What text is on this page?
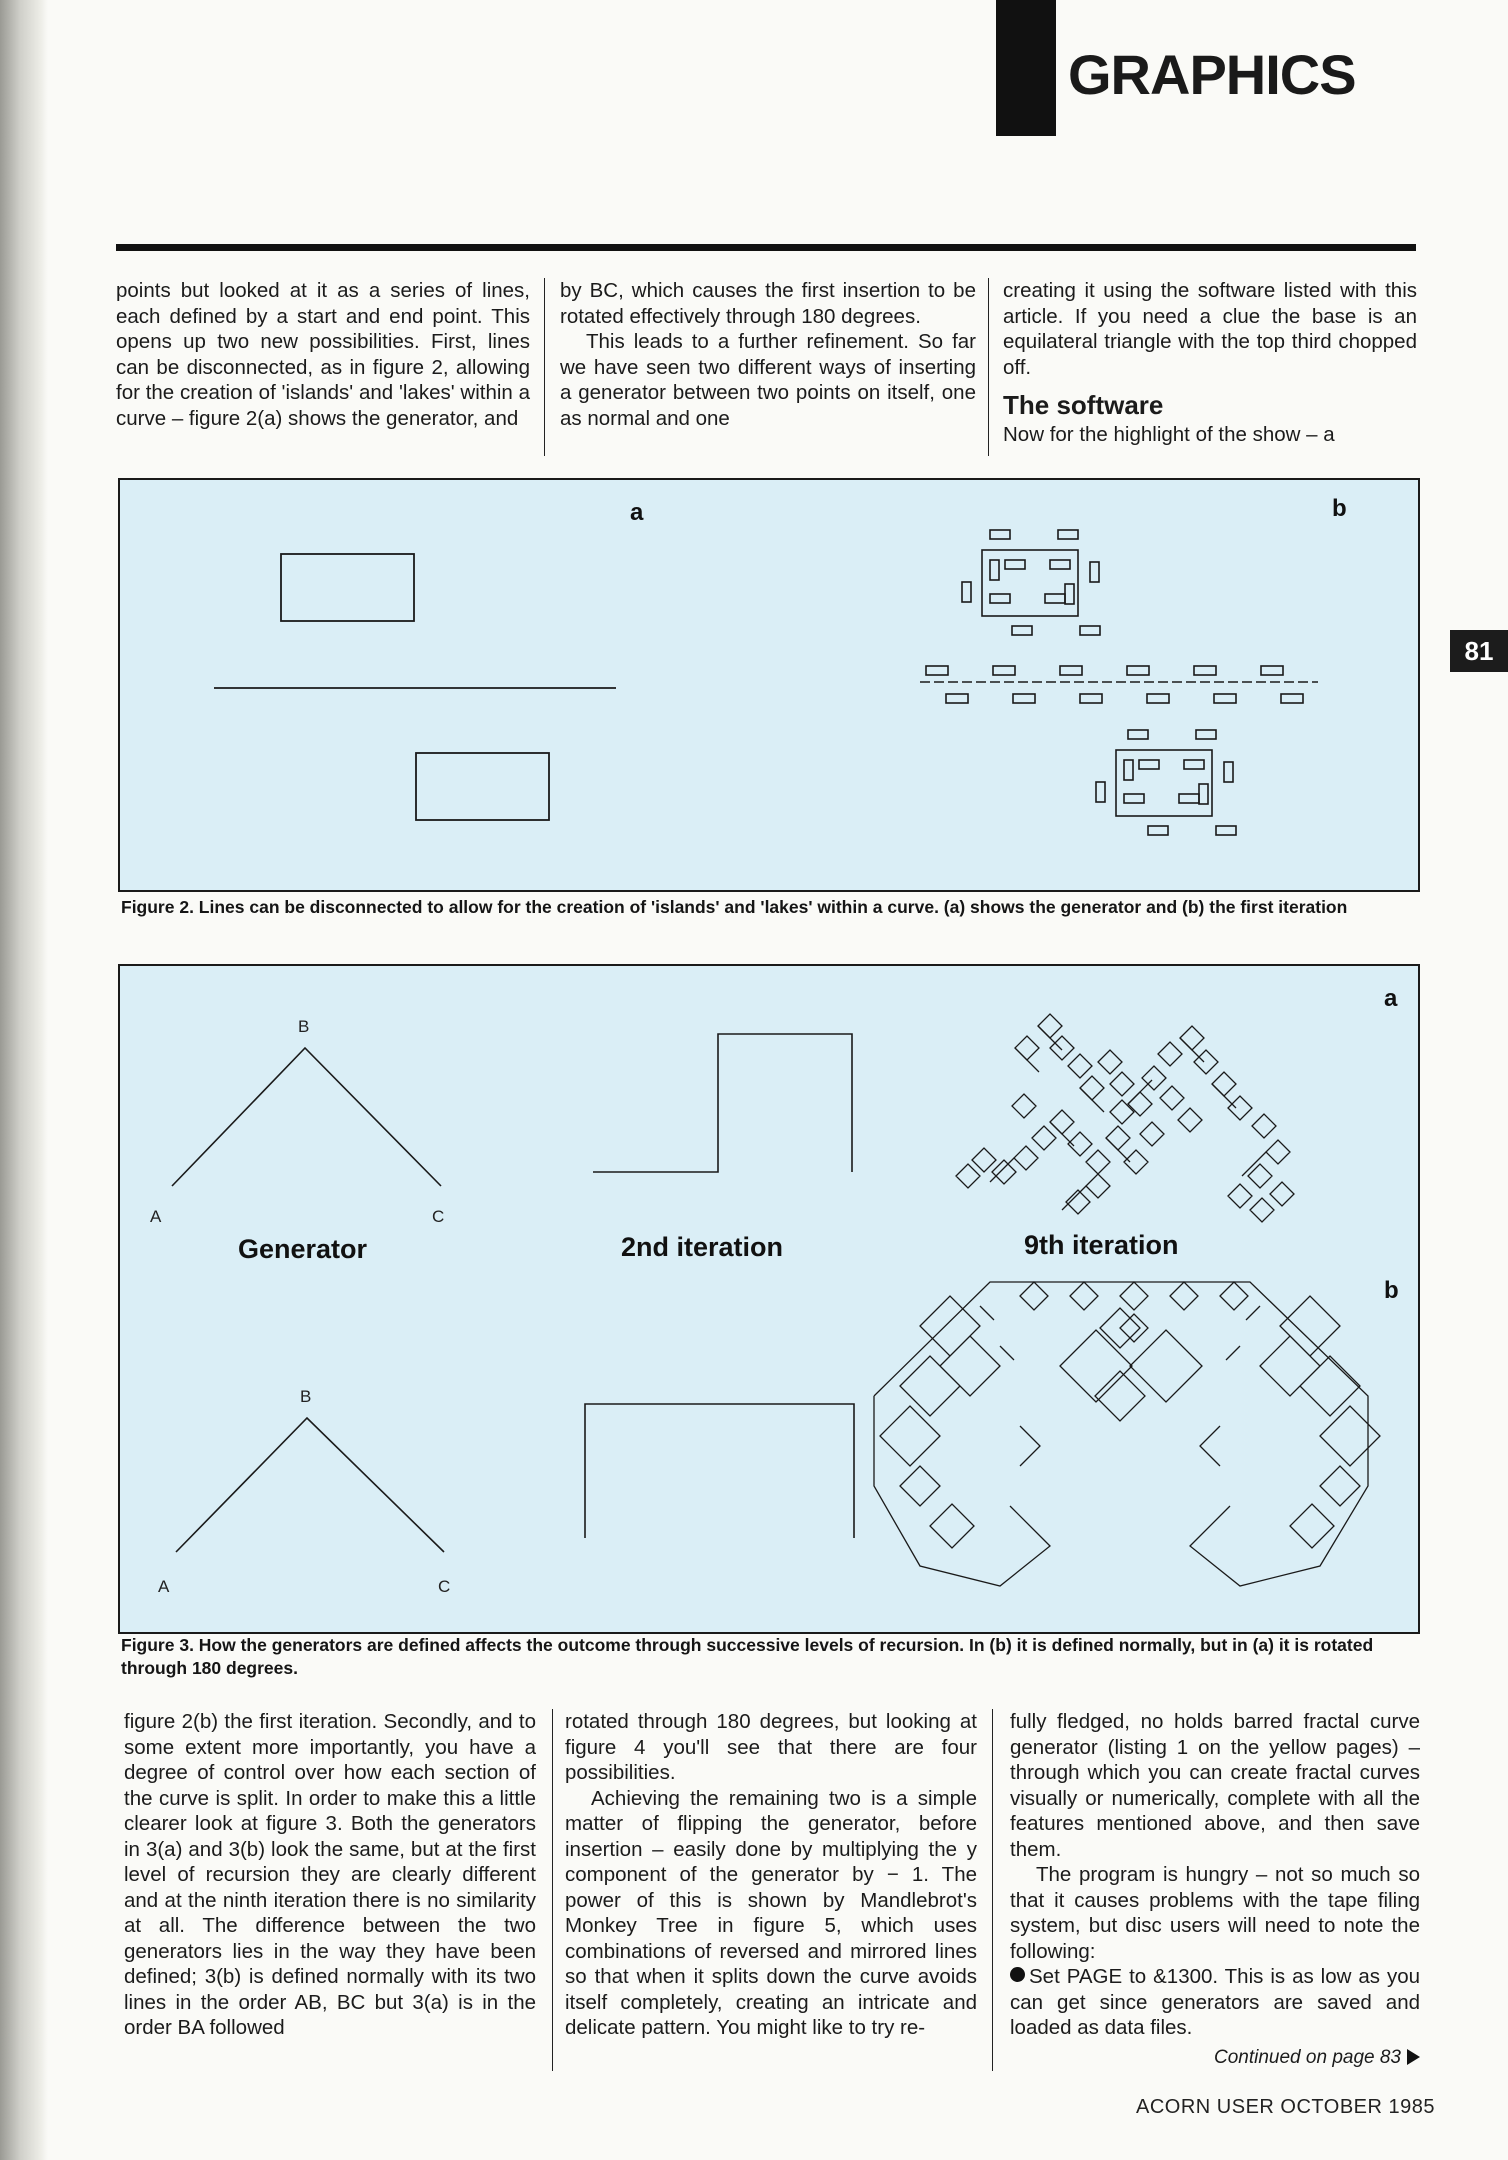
GRAPHICS
81

points but looked at it as a series of lines, each defined by a start and end point. This opens up two new possibilities. First, lines can be disconnected, as in figure 2, allowing for the creation of 'islands' and 'lakes' within a curve – figure 2(a) shows the generator, and

by BC, which causes the first insertion to be rotated effectively through 180 degrees.

This leads to a further refinement. So far we have seen two different ways of inserting a generator between two points on itself, one as normal and one

creating it using the software listed with this article. If you need a clue the base is an equilateral triangle with the top third chopped off.

The software

Now for the highlight of the show – a

a	b
Figure 2. Lines can be disconnected to allow for the creation of 'islands' and 'lakes' within a curve. (a) shows the generator and (b) the first iteration
a
b
B
A	C
Generator	2nd iteration	9th iteration
B
A	C
Figure 3. How the generators are defined affects the outcome through successive levels of recursion. In (b) it is defined normally, but in (a) it is rotated through 180 degrees.

figure 2(b) the first iteration. Secondly, and to some extent more importantly, you have a degree of control over how each section of the curve is split. In order to make this a little clearer look at figure 3. Both the generators in 3(a) and 3(b) look the same, but at the first level of recursion they are clearly different and at the ninth iteration there is no similarity at all. The difference between the two generators lies in the way they have been defined; 3(b) is defined normally with its two lines in the order AB, BC but 3(a) is in the order BA followed

rotated through 180 degrees, but looking at figure 4 you'll see that there are four possibilities.

Achieving the remaining two is a simple matter of flipping the generator, before insertion – easily done by multiplying the y component of the generator by − 1. The power of this is shown by Mandlebrot's Monkey Tree in figure 5, which uses combinations of reversed and mirrored lines so that when it splits down the curve avoids itself completely, creating an intricate and delicate pattern. You might like to try re-

fully fledged, no holds barred fractal curve generator (listing 1 on the yellow pages) – through which you can create fractal curves visually or numerically, complete with all the features mentioned above, and then save them.

The program is hungry – not so much so that it causes problems with the tape filing system, but disc users will need to note the following:

Set PAGE to &1300. This is as low as you can get since generators are saved and loaded as data files.

Continued on page 83
ACORN USER OCTOBER 1985
